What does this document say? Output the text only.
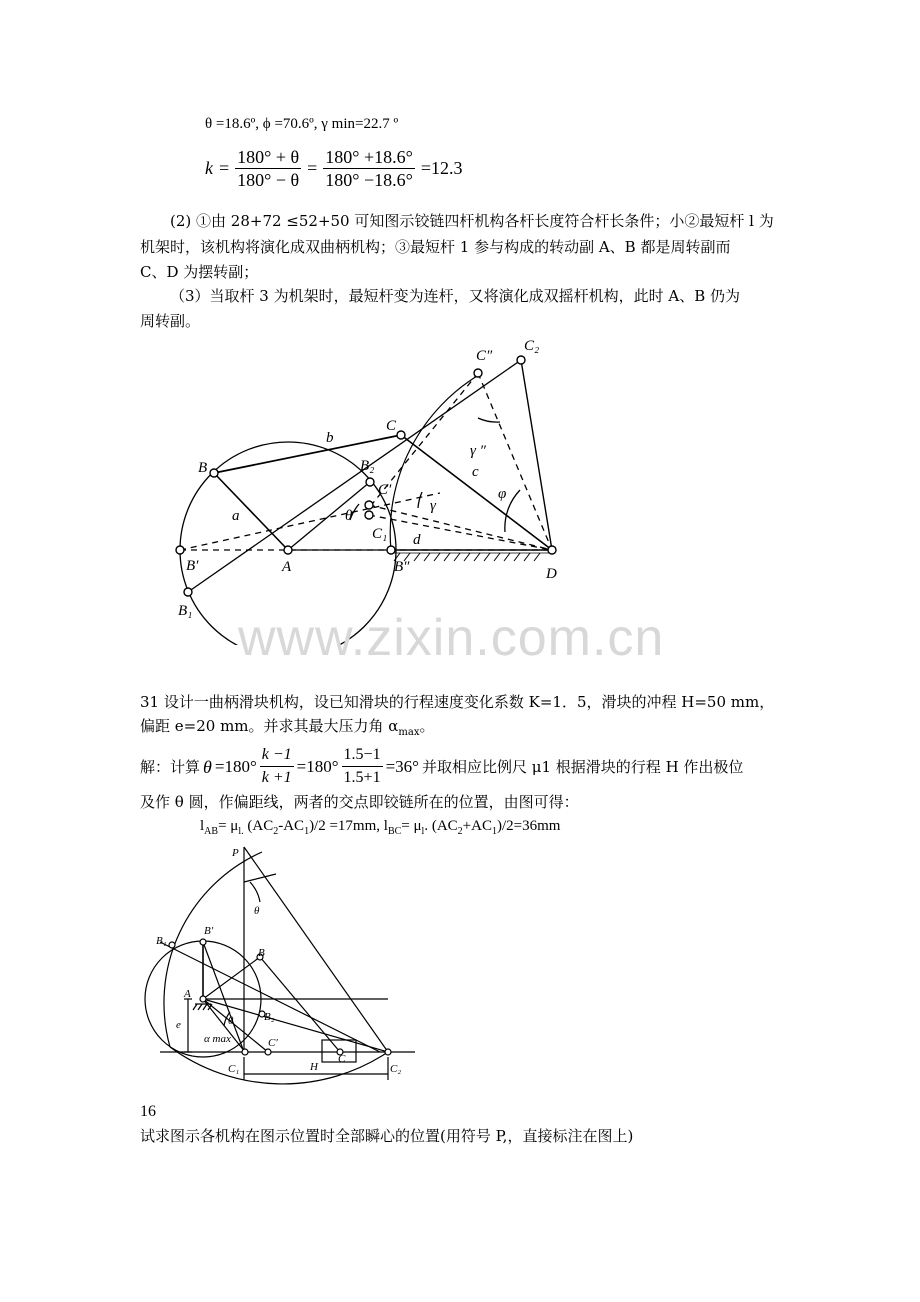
θ =18.6º, ϕ =70.6º, γ min=22.7 º
$k = \frac{180^\circ + \theta}{180^\circ - \theta} = \frac{180^\circ +18.6^\circ}{180^\circ -18.6^\circ} =12.3$
(2) ①由 28+72 ≤52+50 可知图示铰链四杆机构各杆长度符合杆长条件；小②最短杆 l 为
机架时，该机构将演化成双曲柄机构；③最短杆 1 参与构成的转动副 A、B 都是周转副而
C、D 为摆转副；
（3）当取杆 3 为机架时，最短杆变为连杆，又将演化成双摇杆机构，此时 A、B 仍为
周转副。
B
b
C
C″
C₂
B₂
C′
a	θ
γ
γ ″
c
φ
C₁ d
B′	A	B″	D
B₁ www.zixin.com.cn
31 设计一曲柄滑块机构，设已知滑块的行程速度变化系数 K=1．5，滑块的冲程 H=50 mm，
偏距 e=20 mm。并求其最大压力角 $\alpha_{max}$。
解：计算 $\theta =180^\circ \frac{k -1}{k +1} =180^\circ \frac{1.5-1}{1.5+1} =36^\circ$ 并取相应比例尺 μ1 根据滑块的行程 H 作出极位
及作 θ 圆，作偏距线，两者的交点即铰链所在的位置，由图可得：
$l_{AB}= \mu_{l.}$ $(AC_2-AC_1)/2 =17mm$, $l_{BC}= \mu_l$. $(AC_2+AC_1)/2=36mm$
P
θ
B₁
B′
B
A
e	θ	B₂
α max	C′
C
C₁	H	C₂
16
试求图示各机构在图示位置时全部瞬心的位置(用符号 P,，直接标注在图上)
